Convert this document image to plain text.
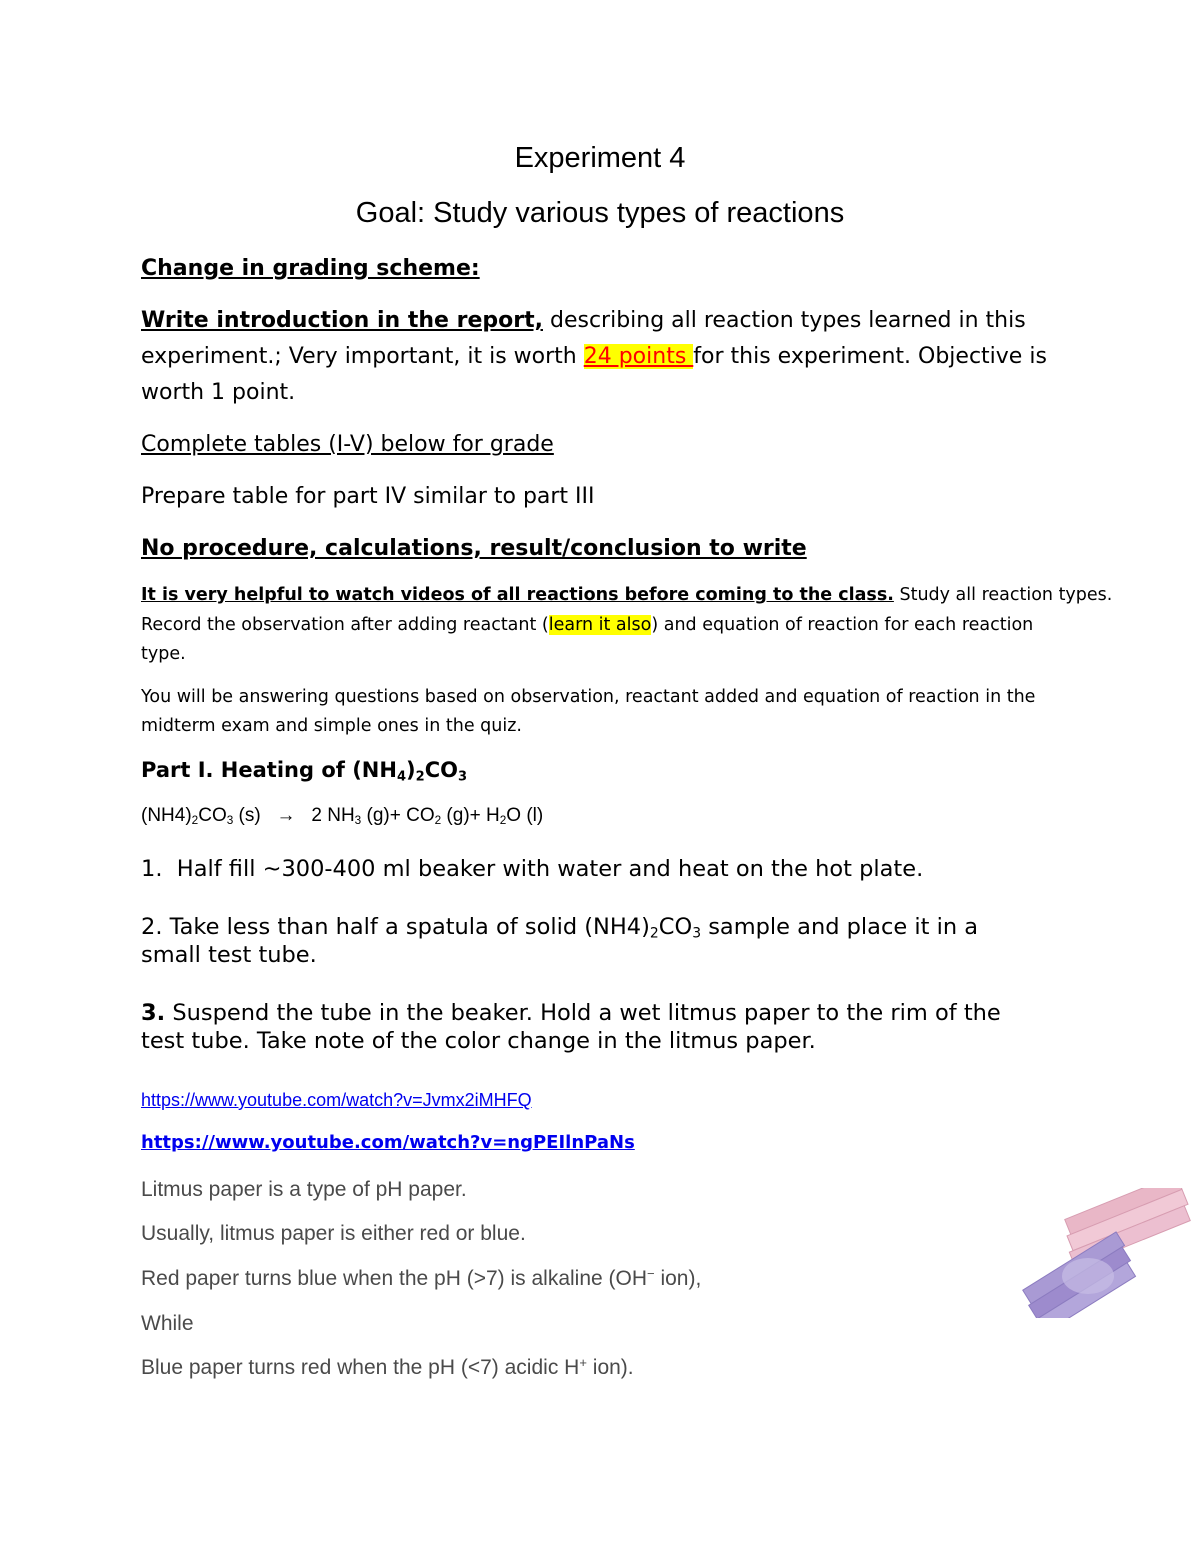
Experiment 4

Goal: Study various types of reactions

Change in grading scheme:

Write introduction in the report, describing all reaction types learned in this

experiment.; Very important, it is worth 24 points for this experiment. Objective is

worth 1 point.

Complete tables (I-V) below for grade

Prepare table for part IV similar to part III

No procedure, calculations, result/conclusion to write

It is very helpful to watch videos of all reactions before coming to the class. Study all reaction types.

Record the observation after adding reactant (learn it also) and equation of reaction for each reaction

type.

You will be answering questions based on observation, reactant added and equation of reaction in the

midterm exam and simple ones in the quiz.

Part I. Heating of $(NH_4)_2CO_3$

$(NH4)_2CO_3$ (s)   →   2 $NH_3$ $(g)+ CO_2$ $(g)+ H_2O$ (l)

1.  Half fill ~300-400 ml beaker with water and heat on the hot plate.

2. Take less than half a spatula of solid $(NH4)_2CO_3$ sample and place it in a

small test tube.

3. Suspend the tube in the beaker. Hold a wet litmus paper to the rim of the

test tube. Take note of the color change in the litmus paper.

https://www.youtube.com/watch?v=Jvmx2iMHFQ
https://www.youtube.com/watch?v=ngPEIlnPaNs

Litmus paper is a type of pH paper.

Usually, litmus paper is either red or blue.

Red paper turns blue when the pH (>7) is alkaline (OH− ion),

While

Blue paper turns red when the pH (<7) acidic H+ ion).
